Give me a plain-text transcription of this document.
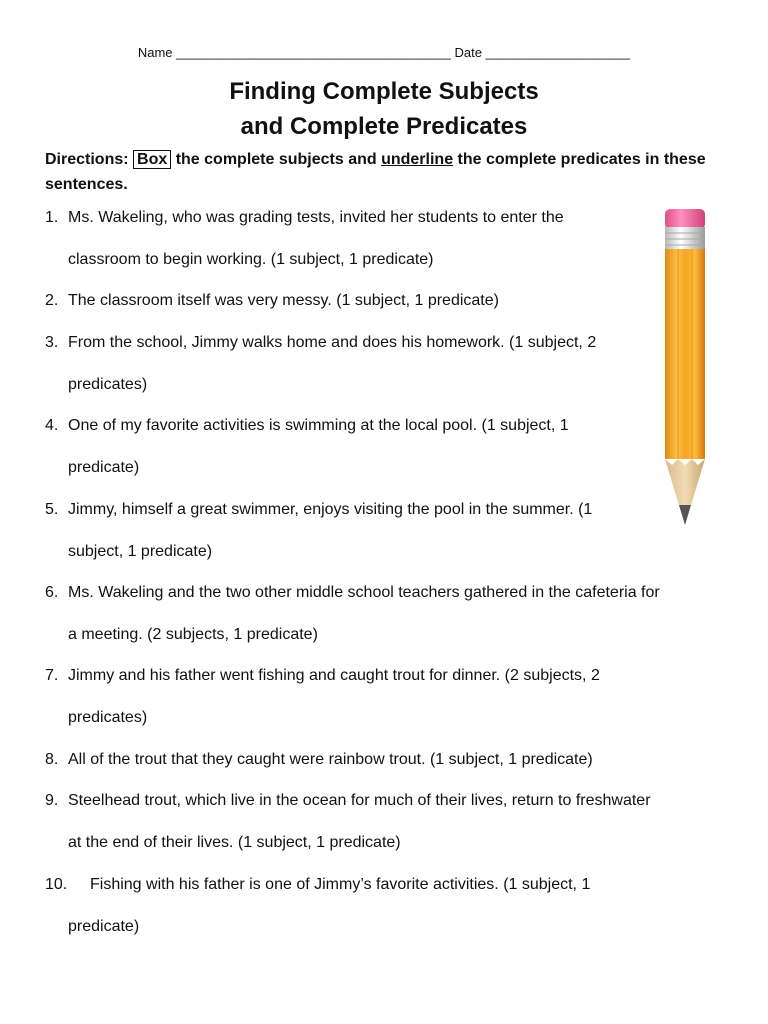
Name ______________________________________ Date ____________________
Finding Complete Subjects
and Complete Predicates
Directions: Box the complete subjects and underline the complete predicates in these sentences.
1. Ms. Wakeling, who was grading tests, invited her students to enter the
classroom to begin working. (1 subject, 1 predicate)
2. The classroom itself was very messy. (1 subject, 1 predicate)
3. From the school, Jimmy walks home and does his homework. (1 subject, 2
predicates)
4. One of my favorite activities is swimming at the local pool. (1 subject, 1
predicate)
5. Jimmy, himself a great swimmer, enjoys visiting the pool in the summer. (1
subject, 1 predicate)
6. Ms. Wakeling and the two other middle school teachers gathered in the cafeteria for
a meeting. (2 subjects, 1 predicate)
7. Jimmy and his father went fishing and caught trout for dinner. (2 subjects, 2
predicates)
8. All of the trout that they caught were rainbow trout. (1 subject, 1 predicate)
9. Steelhead trout, which live in the ocean for much of their lives, return to freshwater
at the end of their lives. (1 subject, 1 predicate)
10. Fishing with his father is one of Jimmy’s favorite activities. (1 subject, 1
predicate)
